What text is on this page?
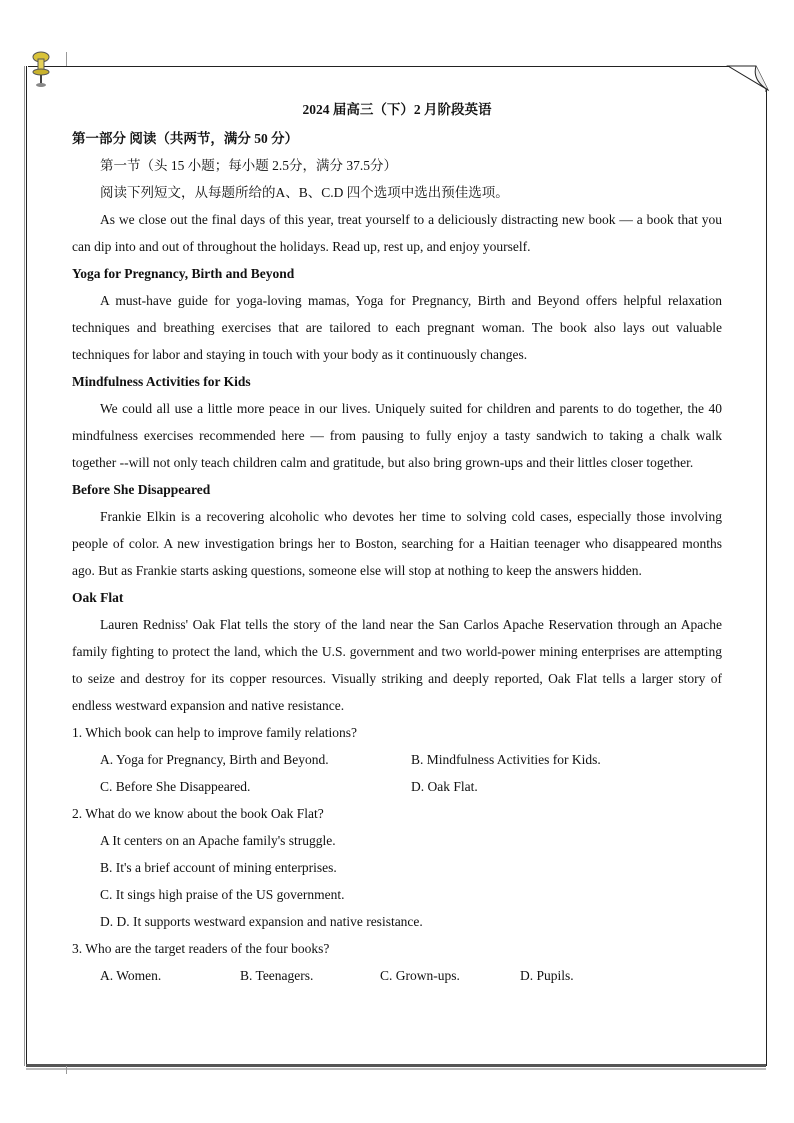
2024 届高三（下）2 月阶段英语
第一部分 阅读（共两节，满分 50 分）
第一节（头 15 小题；每小题 2.5分，满分 37.5分）
阅读下列短文，从每题所给的A、B、C.D 四个选项中选出预佳选项。

As we close out the final days of this year, treat yourself to a deliciously distracting new book — a book that you can dip into and out of throughout the holidays. Read up, rest up, and enjoy yourself.

Yoga for Pregnancy, Birth and Beyond

A must-have guide for yoga-loving mamas, Yoga for Pregnancy, Birth and Beyond offers helpful relaxation techniques and breathing exercises that are tailored to each pregnant woman. The book also lays out valuable techniques for labor and staying in touch with your body as it continuously changes.

Mindfulness Activities for Kids

We could all use a little more peace in our lives. Uniquely suited for children and parents to do together, the 40 mindfulness exercises recommended here — from pausing to fully enjoy a tasty sandwich to taking a chalk walk together --will not only teach children calm and gratitude, but also bring grown-ups and their littles closer together.

Before She Disappeared

Frankie Elkin is a recovering alcoholic who devotes her time to solving cold cases, especially those involving people of color. A new investigation brings her to Boston, searching for a Haitian teenager who disappeared months ago. But as Frankie starts asking questions, someone else will stop at nothing to keep the answers hidden.

Oak Flat

Lauren Redniss' Oak Flat tells the story of the land near the San Carlos Apache Reservation through an Apache family fighting to protect the land, which the U.S. government and two world-power mining enterprises are attempting to seize and destroy for its copper resources. Visually striking and deeply reported, Oak Flat tells a larger story of endless westward expansion and native resistance.

1. Which book can help to improve family relations?
A. Yoga for Pregnancy, Birth and Beyond.	B. Mindfulness Activities for Kids.
C. Before She Disappeared.	D. Oak Flat.
2. What do we know about the book Oak Flat?
A It centers on an Apache family's struggle.
B. It's a brief account of mining enterprises.
C. It sings high praise of the US government.
D. D. It supports westward expansion and native resistance.
3. Who are the target readers of the four books?
A. Women.	B. Teenagers.	C. Grown-ups.	D. Pupils.
